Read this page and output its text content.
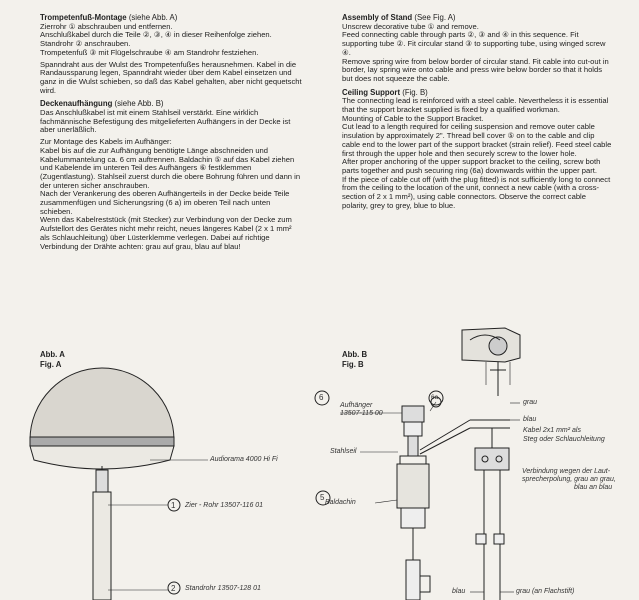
Trompetenfuß-Montage (siehe Abb. A)

Zierrohr ① abschrauben und entfernen.

Anschlußkabel durch die Teile ②, ③, ④ in dieser Reihenfolge ziehen.

Standrohr ② anschrauben.

Trompetenfuß ③ mit Flügelschraube ④ am Standrohr festziehen.

Spanndraht aus der Wulst des Trompetenfußes herausnehmen. Kabel in die Randaussparung legen, Spanndraht wieder über dem Kabel einsetzen und ganz in die Wulst schieben, so daß das Kabel gehalten, aber nicht gequetscht wird.

Deckenaufhängung (siehe Abb. B)

Das Anschlußkabel ist mit einem Stahlseil verstärkt. Eine wirklich fachmännische Befestigung des mitgelieferten Aufhängers in der Decke ist aber unerläßlich.

Zur Montage des Kabels im Aufhänger:

Kabel bis auf die zur Aufhängung benötigte Länge abschneiden und Kabelummantelung ca. 6 cm auftrennen. Baldachin ⑤ auf das Kabel ziehen und Kabelende im unteren Teil des Aufhängers ⑥ festklemmen (Zugentlastung). Stahlseil zuerst durch die obere Bohrung führen und dann in der unteren sicher anschrauben.

Nach der Verankerung des oberen Aufhängerteils in der Decke beide Teile zusammenfügen und Sicherungsring (6 a) im oberen Teil nach unten schieben.

Wenn das Kabelreststück (mit Stecker) zur Verbindung von der Decke zum Aufstellort des Gerätes nicht mehr reicht, neues längeres Kabel (2 x 1 mm² als Schlauchleitung) über Lüsterklemme verlegen. Dabei auf richtige Verbindung der Drähte achten: grau auf grau, blau auf blau!

Assembly of Stand (See Fig. A)

Unscrew decorative tube ① and remove.

Feed connecting cable through parts ②, ③ and ④ in this sequence. Fit supporting tube ②. Fit circular stand ③ to supporting tube, using winged screw ④.

Remove spring wire from below border of circular stand. Fit cable into cut-out in border, lay spring wire onto cable and press wire below border so that it holds but does not squeeze the cable.

Ceiling Support (Fig. B)

The connecting lead is reinforced with a steel cable. Nevertheless it is essential that the support bracket supplied is fixed by a qualified workman.

Mounting of Cable to the Support Bracket.

Cut lead to a length required for ceiling suspension and remove outer cable insulation by approximately 2". Thread bell cover ⑤ on to the cable and clip cable end to the lower part of the support bracket (strain relief). Feed steel cable first through the upper hole and then securely screw to the lower hole.

After proper anchoring of the upper support bracket to the ceiling, screw both parts together and push securing ring (6a) downwards within the upper part.

If the piece of cable cut off (with the plug fitted) is not sufficiently long to connect from the ceiling to the location of the unit, connect a new cable (with a cross-section of 2 x 1 mm²), using cable connectors. Observe the correct cable polarity, grey to grey, blue to blue.

Abb. A
Fig. A
Audiorama 4000 Hi Fi
1 Zier - Rohr 13507-116 01
2 Standrohr 13507-128 01
Abb. B
Fig. B
6	6a
Aufhänger
13507-115 00
Stahlseil
5
Baldachin
grau
blau
Kabel 2x1 mm² als
Steg oder Schlauchleitung
Verbindung wegen der Laut-
sprecherpolung, grau an grau,
blau an blau
blau	grau (an Flachstift)
